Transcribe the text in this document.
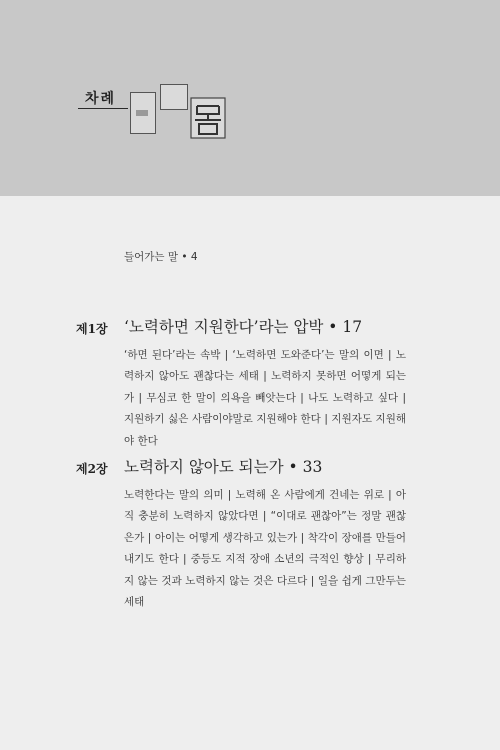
차례
들어가는 말 • 4
제1장 ‘노력하면 지원한다’라는 압박 • 17
‘하면 된다’라는 속박 | ‘노력하면 도와준다’는 말의 이면 | 노력하지 않아도 괜찮다는 세태 | 노력하지 못하면 어떻게 되는가 | 무심코 한 말이 의욕을 빼앗는다 | 나도 노력하고 싶다 | 지원하기 싫은 사람이야말로 지원해야 한다 | 지원자도 지원해야 한다
제2장 노력하지 않아도 되는가 • 33
노력한다는 말의 의미 | 노력해 온 사람에게 건네는 위로 | 아직 충분히 노력하지 않았다면 | “이대로 괜찮아”는 정말 괜찮은가 | 아이는 어떻게 생각하고 있는가 | 착각이 장애를 만들어 내기도 한다 | 중등도 지적 장애 소년의 극적인 향상 | 무리하지 않는 것과 노력하지 않는 것은 다르다 | 일을 쉽게 그만두는 세태
